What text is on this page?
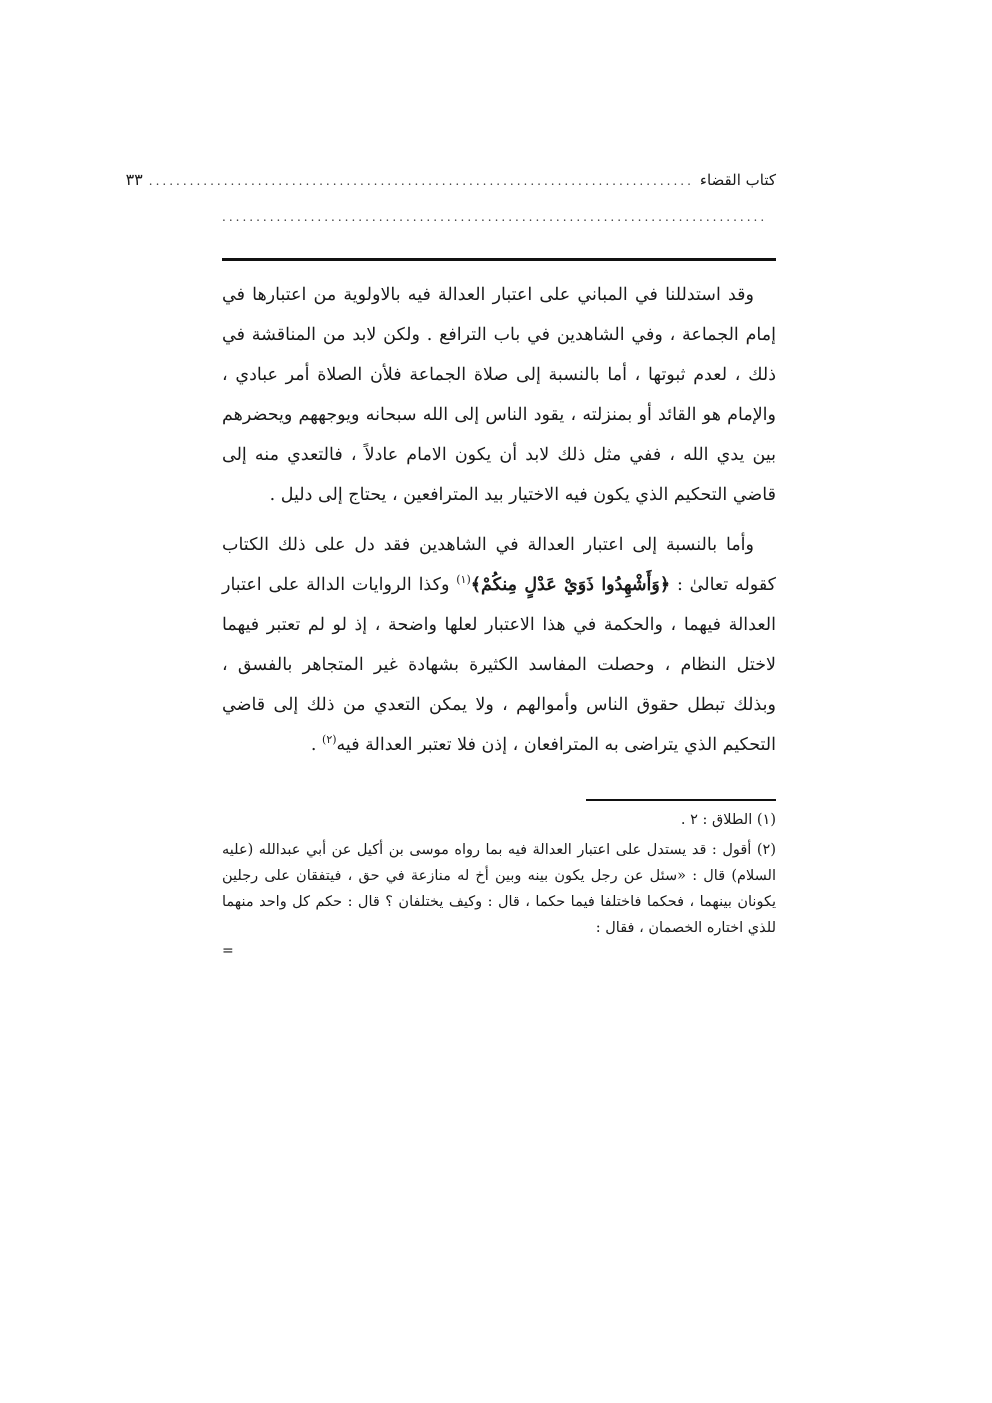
كتاب القضاء
................................................................................
٣٣
................................................................................

وقد استدللنا في المباني على اعتبار العدالة فيه بالاولوية من اعتبارها في إمام الجماعة ، وفي الشاهدين في باب الترافع . ولكن لابد من المناقشة في ذلك ، لعدم ثبوتها ، أما بالنسبة إلى صلاة الجماعة فلأن الصلاة أمر عبادي ، والإمام هو القائد أو بمنزلته ، يقود الناس إلى الله سبحانه ويوجههم ويحضرهم بين يدي الله ، ففي مثل ذلك لابد أن يكون الامام عادلاً ، فالتعدي منه إلى قاضي التحكيم الذي يكون فيه الاختيار بيد المترافعين ، يحتاج إلى دليل .

وأما بالنسبة إلى اعتبار العدالة في الشاهدين فقد دل على ذلك الكتاب كقوله تعالىٰ : ﴿وَأَشْهِدُوا ذَوَيْ عَدْلٍ مِنكُمْ﴾$^{(١)}$ وكذا الروايات الدالة على اعتبار العدالة فيهما ، والحكمة في هذا الاعتبار لعلها واضحة ، إذ لو لم تعتبر فيهما لاختل النظام ، وحصلت المفاسد الكثيرة بشهادة غير المتجاهر بالفسق ، وبذلك تبطل حقوق الناس وأموالهم ، ولا يمكن التعدي من ذلك إلى قاضي التحكيم الذي يتراضى به المترافعان ، إذن فلا تعتبر العدالة فيه$^{(٢)}$ .

(١) الطلاق : ٢ .

(٢) أقول : قد يستدل على اعتبار العدالة فيه بما رواه موسى بن أكيل عن أبي عبدالله (عليه السلام) قال : «سئل عن رجل يكون بينه وبين أخ له منازعة في حق ، فيتفقان على رجلين يكونان بينهما ، فحكما فاختلفا فيما حكما ، قال : وكيف يختلفان ؟ قال : حكم كل واحد منهما للذي اختاره الخصمان ، فقال :

=
